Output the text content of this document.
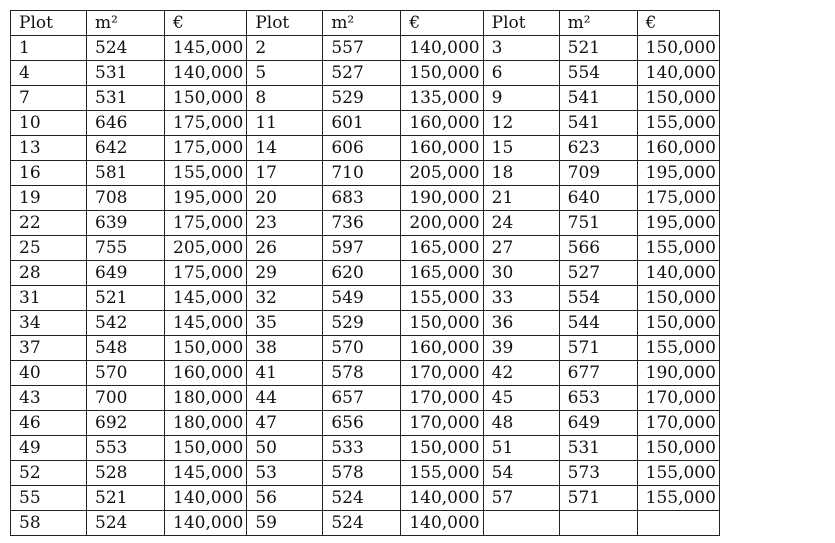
Plot	m²	€	Plot	m²	€	Plot	m²	€
1	524	145,000	2	557	140,000	3	521	150,000
4	531	140,000	5	527	150,000	6	554	140,000
7	531	150,000	8	529	135,000	9	541	150,000
10	646	175,000	11	601	160,000	12	541	155,000
13	642	175,000	14	606	160,000	15	623	160,000
16	581	155,000	17	710	205,000	18	709	195,000
19	708	195,000	20	683	190,000	21	640	175,000
22	639	175,000	23	736	200,000	24	751	195,000
25	755	205,000	26	597	165,000	27	566	155,000
28	649	175,000	29	620	165,000	30	527	140,000
31	521	145,000	32	549	155,000	33	554	150,000
34	542	145,000	35	529	150,000	36	544	150,000
37	548	150,000	38	570	160,000	39	571	155,000
40	570	160,000	41	578	170,000	42	677	190,000
43	700	180,000	44	657	170,000	45	653	170,000
46	692	180,000	47	656	170,000	48	649	170,000
49	553	150,000	50	533	150,000	51	531	150,000
52	528	145,000	53	578	155,000	54	573	155,000
55	521	140,000	56	524	140,000	57	571	155,000
58	524	140,000	59	524	140,000			
